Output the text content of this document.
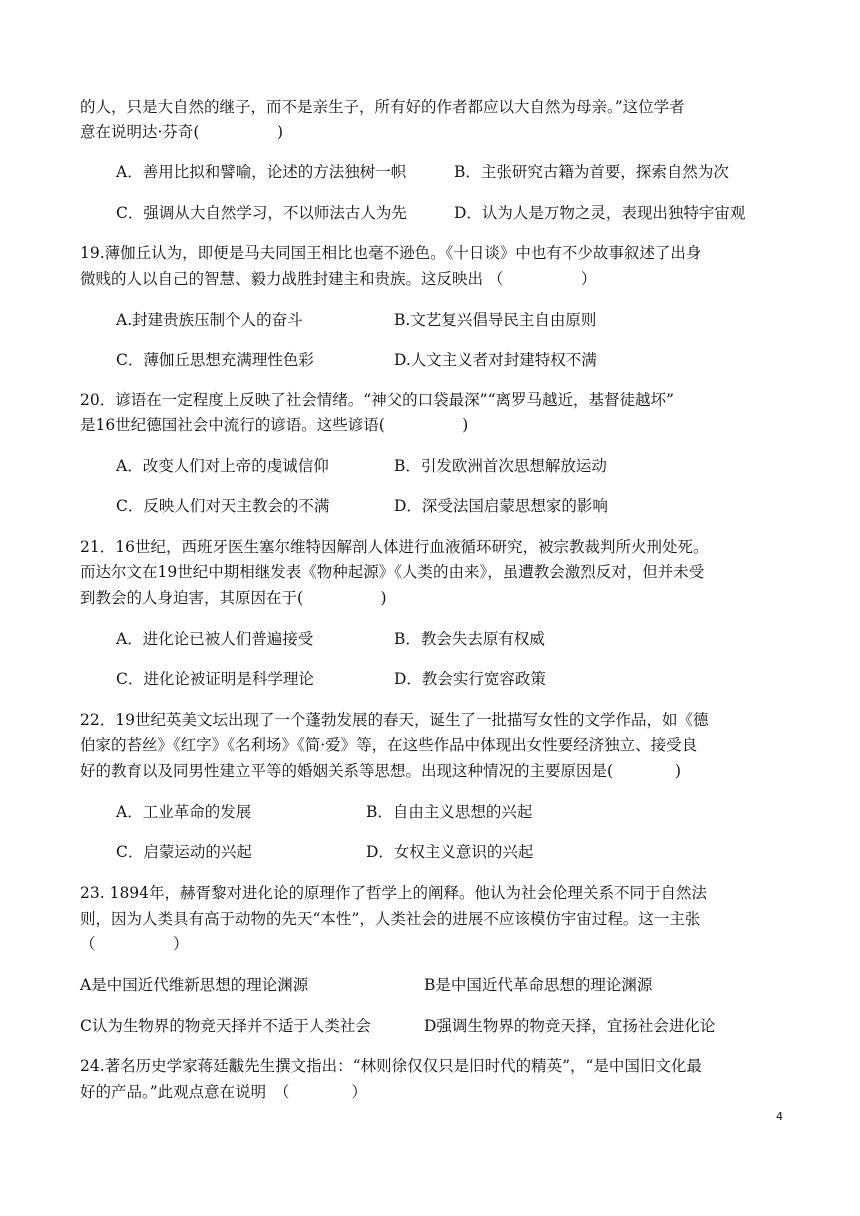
的人，只是大自然的继子，而不是亲生子，所有好的作者都应以大自然为母亲。”这位学者
意在说明达·芬奇(　　　　　)
A．善用比拟和譬喻，论述的方法独树一帜	B．主张研究古籍为首要，探索自然为次
C．强调从大自然学习，不以师法古人为先	D．认为人是万物之灵，表现出独特宇宙观
19.薄伽丘认为，即便是马夫同国王相比也毫不逊色。《十日谈》中也有不少故事叙述了出身
微贱的人以自己的智慧、毅力战胜封建主和贵族。这反映出 （　　　　　）
A.封建贵族压制个人的奋斗	B.文艺复兴倡导民主自由原则
C．薄伽丘思想充满理性色彩	D.人文主义者对封建特权不满
20．谚语在一定程度上反映了社会情绪。“神父的口袋最深”“离罗马越近，基督徒越坏”
是16世纪德国社会中流行的谚语。这些谚语(　　　　　)
A．改变人们对上帝的虔诚信仰	B．引发欧洲首次思想解放运动
C．反映人们对天主教会的不满	D．深受法国启蒙思想家的影响
21．16世纪，西班牙医生塞尔维特因解剖人体进行血液循环研究，被宗教裁判所火刑处死。
而达尔文在19世纪中期相继发表《物种起源》《人类的由来》，虽遭教会激烈反对，但并未受
到教会的人身迫害，其原因在于(　　　　　)
A．进化论已被人们普遍接受	B．教会失去原有权威
C．进化论被证明是科学理论	D．教会实行宽容政策
22．19世纪英美文坛出现了一个蓬勃发展的春天，诞生了一批描写女性的文学作品，如《德
伯家的苔丝》《红字》《名利场》《简·爱》等，在这些作品中体现出女性要经济独立、接受良
好的教育以及同男性建立平等的婚姻关系等思想。出现这种情况的主要原因是(　　　　)
A．工业革命的发展	B．自由主义思想的兴起
C．启蒙运动的兴起	D．女权主义意识的兴起
23. 1894年，赫胥黎对进化论的原理作了哲学上的阐释。他认为社会伦理关系不同于自然法
则，因为人类具有高于动物的先天“本性”，人类社会的进展不应该模仿宇宙过程。这一主张
（　　　　　）
A是中国近代维新思想的理论渊源	B是中国近代革命思想的理论渊源
C认为生物界的物竞天择并不适于人类社会	D强调生物界的物竞天择，宜扬社会进化论
24.著名历史学家蒋廷黻先生撰文指出：“林则徐仅仅只是旧时代的精英”，“是中国旧文化最
好的产品。”此观点意在说明　（　　　　）
4
